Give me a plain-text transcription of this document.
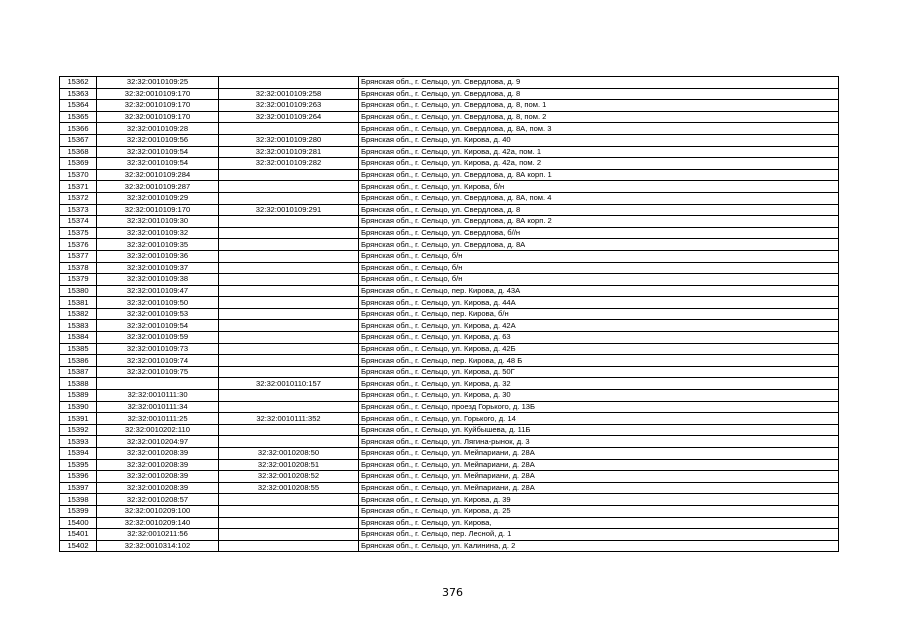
15362	32:32:0010109:25		Брянская обл., г. Сельцо, ул. Свердлова, д. 9
15363	32:32:0010109:170	32:32:0010109:258	Брянская обл., г. Сельцо, ул. Свердлова, д. 8
15364	32:32:0010109:170	32:32:0010109:263	Брянская обл., г. Сельцо, ул. Свердлова, д. 8, пом. 1
15365	32:32:0010109:170	32:32:0010109:264	Брянская обл., г. Сельцо, ул. Свердлова, д. 8, пом. 2
15366	32:32:0010109:28		Брянская обл., г. Сельцо, ул. Свердлова, д. 8А, пом. 3
15367	32:32:0010109:56	32:32:0010109:280	Брянская обл., г. Сельцо, ул. Кирова, д. 40
15368	32:32:0010109:54	32:32:0010109:281	Брянская обл., г. Сельцо, ул. Кирова, д. 42а, пом. 1
15369	32:32:0010109:54	32:32:0010109:282	Брянская обл., г. Сельцо, ул. Кирова, д. 42а, пом. 2
15370	32:32:0010109:284		Брянская обл., г. Сельцо, ул. Свердлова, д. 8А корп. 1
15371	32:32:0010109:287		Брянская обл., г. Сельцо, ул. Кирова, б/н
15372	32:32:0010109:29		Брянская обл., г. Сельцо, ул. Свердлова, д. 8А, пом. 4
15373	32:32:0010109:170	32:32:0010109:291	Брянская обл., г. Сельцо, ул. Свердлова, д. 8
15374	32:32:0010109:30		Брянская обл., г. Сельцо, ул. Свердлова, д. 8А корп. 2
15375	32:32:0010109:32		Брянская обл., г. Сельцо, ул. Свердлова, б//н
15376	32:32:0010109:35		Брянская обл., г. Сельцо, ул. Свердлова, д. 8А
15377	32:32:0010109:36		Брянская обл., г. Сельцо, б/н
15378	32:32:0010109:37		Брянская обл., г. Сельцо, б/н
15379	32:32:0010109:38		Брянская обл., г. Сельцо, б/н
15380	32:32:0010109:47		Брянская обл., г. Сельцо, пер. Кирова, д. 43А
15381	32:32:0010109:50		Брянская обл., г. Сельцо, ул. Кирова, д. 44А
15382	32:32:0010109:53		Брянская обл., г. Сельцо, пер. Кирова, б/н
15383	32:32:0010109:54		Брянская обл., г. Сельцо, ул. Кирова, д. 42А
15384	32:32:0010109:59		Брянская обл., г. Сельцо, ул. Кирова, д. 63
15385	32:32:0010109:73		Брянская обл., г. Сельцо, ул. Кирова, д. 42Б
15386	32:32:0010109:74		Брянская обл., г. Сельцо, пер. Кирова, д. 48 Б
15387	32:32:0010109:75		Брянская обл., г. Сельцо, ул. Кирова, д. 50Г
15388		32:32:0010110:157	Брянская обл., г. Сельцо, ул. Кирова, д. 32
15389	32:32:0010111:30		Брянская обл., г. Сельцо, ул. Кирова, д. 30
15390	32:32:0010111:34		Брянская обл., г. Сельцо, проезд Горького, д. 13Б
15391	32:32:0010111:25	32:32:0010111:352	Брянская обл., г. Сельцо, ул. Горького, д. 14
15392	32:32:0010202:110		Брянская обл., г. Сельцо, ул. Куйбышева, д. 11Б
15393	32:32:0010204:97		Брянская обл., г. Сельцо, ул. Лягина-рынок, д. 3
15394	32:32:0010208:39	32:32:0010208:50	Брянская обл., г. Сельцо, ул. Мейпариани, д. 28А
15395	32:32:0010208:39	32:32:0010208:51	Брянская обл., г. Сельцо, ул. Мейпариани, д. 28А
15396	32:32:0010208:39	32:32:0010208:52	Брянская обл., г. Сельцо, ул. Мейпариани, д. 28А
15397	32:32:0010208:39	32:32:0010208:55	Брянская обл., г. Сельцо, ул. Мейпариани, д. 28А
15398	32:32:0010208:57		Брянская обл., г. Сельцо, ул. Кирова, д. 39
15399	32:32:0010209:100		Брянская обл., г. Сельцо, ул. Кирова, д. 25
15400	32:32:0010209:140		Брянская обл., г. Сельцо, ул. Кирова,
15401	32:32:0010211:56		Брянская обл., г. Сельцо, пер. Лесной, д. 1
15402	32:32:0010314:102		Брянская обл., г. Сельцо, ул. Калинина, д. 2
376
